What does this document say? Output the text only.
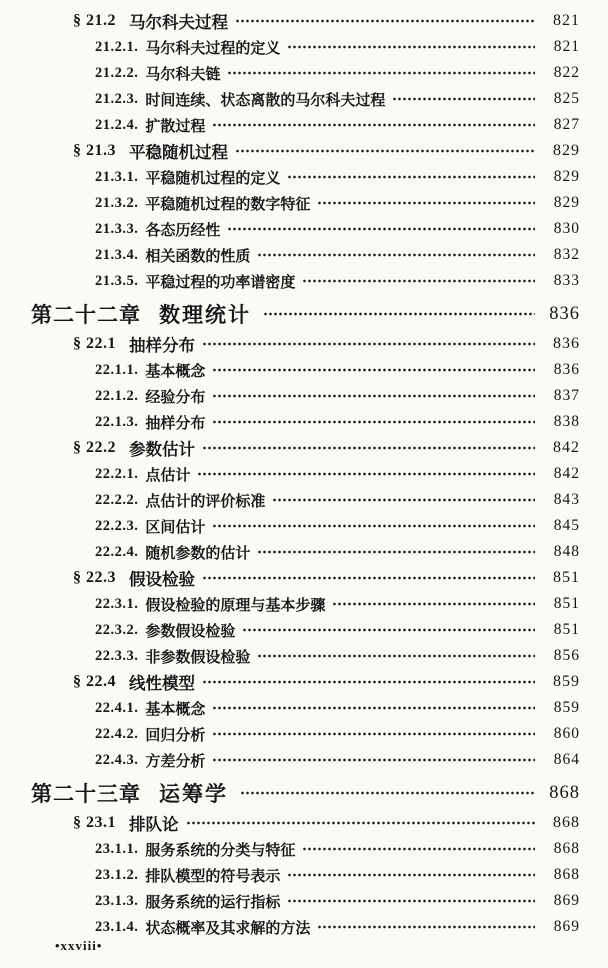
§ 21.2 马尔科夫过程	821
21.2.1. 马尔科夫过程的定义	821
21.2.2. 马尔科夫链	822
21.2.3. 时间连续、状态离散的马尔科夫过程	825
21.2.4. 扩散过程	827
§ 21.3 平稳随机过程	829
21.3.1. 平稳随机过程的定义	829
21.3.2. 平稳随机过程的数字特征	829
21.3.3. 各态历经性	830
21.3.4. 相关函数的性质	832
21.3.5. 平稳过程的功率谱密度	833
第二十二章 数理统计	836
§ 22.1 抽样分布	836
22.1.1. 基本概念	836
22.1.2. 经验分布	837
22.1.3. 抽样分布	838
§ 22.2 参数估计	842
22.2.1. 点估计	842
22.2.2. 点估计的评价标准	843
22.2.3. 区间估计	845
22.2.4. 随机参数的估计	848
§ 22.3 假设检验	851
22.3.1. 假设检验的原理与基本步骤	851
22.3.2. 参数假设检验	851
22.3.3. 非参数假设检验	856
§ 22.4 线性模型	859
22.4.1. 基本概念	859
22.4.2. 回归分析	860
22.4.3. 方差分析	864
第二十三章 运筹学	868
§ 23.1 排队论	868
23.1.1. 服务系统的分类与特征	868
23.1.2. 排队模型的符号表示	868
23.1.3. 服务系统的运行指标	869
23.1.4. 状态概率及其求解的方法	869
•xxviii•
